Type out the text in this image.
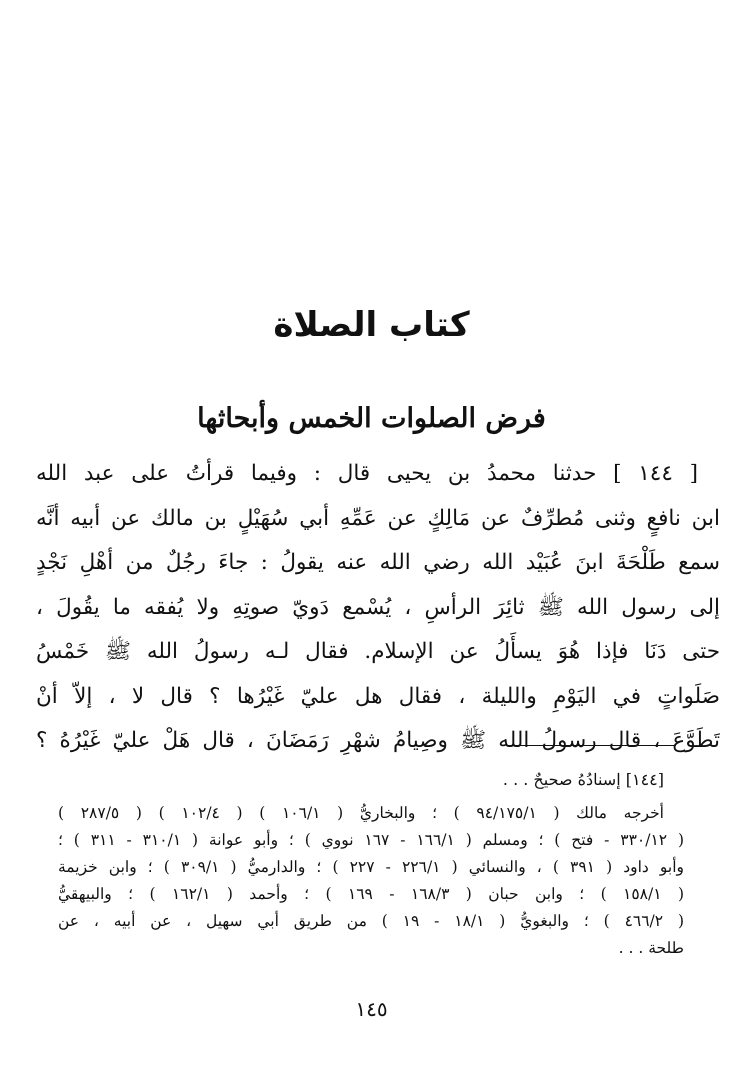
كتاب الصلاة
فرض الصلوات الخمس وأبحاثها
[ ١٤٤ ] حدثنا محمدُ بن يحيى قال : وفيما قرأتُ على عبد الله
ابن نافعٍ وثنى مُطرِّفٌ عن مَالِكٍ عن عَمِّهِ أبي سُهَيْلٍ بن مالك عن أبيه أنَّه
سمع طَلْحَةَ ابنَ عُبَيْد الله رضي الله عنه يقولُ : جاءَ رجُلٌ من أهْلِ نَجْدٍ
إلى رسول الله ﷺ ثائِرَ الرأسِ ، يُسْمع دَويّ صوتِهِ ولا يُفقه ما يقُولَ ،
حتى دَنَا فإذا هُوَ يسأَلُ عن الإسلام. فقال لـه رسولُ الله ﷺ خَمْسُ
صَلَواتٍ في اليَوْمِ والليلة ، فقال هل عليّ غَيْرُها ؟ قال لا ، إلاّ أنْ
تَطَوَّعَ ، قال رسولُ الله ﷺ وصِيامُ شهْرِ رَمَضَانَ ، قال هَلْ عليّ غَيْرُهُ ؟
[١٤٤] إسنادُهُ صحيحٌ . . .
أخرجه مالك ( ٩٤/١٧٥/١ ) ؛ والبخاريُّ ( ١٠٦/١ ) ( ١٠٢/٤ ) ( ٢٨٧/٥ )
( ٣٣٠/١٢ - فتح ) ؛ ومسلم ( ١٦٦/١ - ١٦٧ نووي ) ؛ وأبو عوانة ( ٣١٠/١ - ٣١١ ) ؛
وأبو داود ( ٣٩١ ) ، والنسائي ( ٢٢٦/١ - ٢٢٧ ) ؛ والدارميُّ ( ٣٠٩/١ ) ؛ وابن خزيمة
( ١٥٨/١ ) ؛ وابن حبان ( ١٦٨/٣ - ١٦٩ ) ؛ وأحمد ( ١٦٢/١ ) ؛ والبيهقيُّ
( ٤٦٦/٢ ) ؛ والبغويُّ ( ١٨/١ - ١٩ ) من طريق أبي سهيل ، عن أبيه ، عن
طلحة . . .
١٤٥
